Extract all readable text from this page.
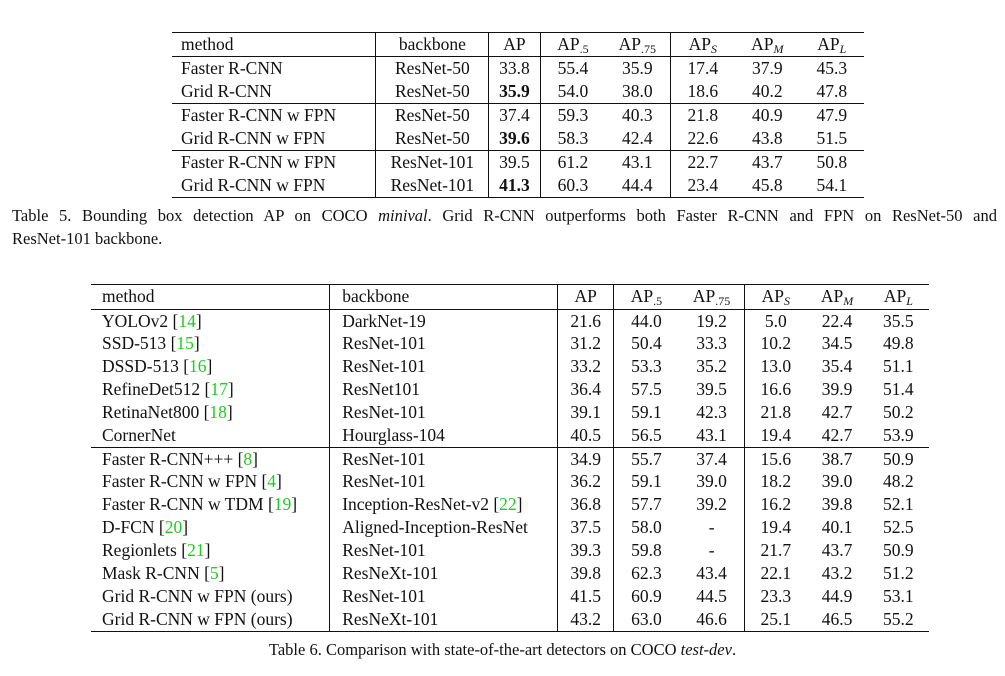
method	backbone	AP	$AP_{.5}$	$AP_{.75}$	$AP_S$	$AP_M$	$AP_L$
Faster R-CNN	ResNet-50	33.8	55.4	35.9	17.4	37.9	45.3
Grid R-CNN	ResNet-50	35.9	54.0	38.0	18.6	40.2	47.8
Faster R-CNN w FPN	ResNet-50	37.4	59.3	40.3	21.8	40.9	47.9
Grid R-CNN w FPN	ResNet-50	39.6	58.3	42.4	22.6	43.8	51.5
Faster R-CNN w FPN	ResNet-101	39.5	61.2	43.1	22.7	43.7	50.8
Grid R-CNN w FPN	ResNet-101	41.3	60.3	44.4	23.4	45.8	54.1
Table 5. Bounding box detection AP on COCO minival. Grid R-CNN outperforms both Faster R-CNN and FPN on ResNet-50 and
ResNet-101 backbone.
method	backbone	AP	$AP_{.5}$	$AP_{.75}$	$AP_S$	$AP_M$	$AP_L$
YOLOv2 [14]	DarkNet-19	21.6	44.0	19.2	5.0	22.4	35.5
SSD-513 [15]	ResNet-101	31.2	50.4	33.3	10.2	34.5	49.8
DSSD-513 [16]	ResNet-101	33.2	53.3	35.2	13.0	35.4	51.1
RefineDet512 [17]	ResNet101	36.4	57.5	39.5	16.6	39.9	51.4
RetinaNet800 [18]	ResNet-101	39.1	59.1	42.3	21.8	42.7	50.2
CornerNet	Hourglass-104	40.5	56.5	43.1	19.4	42.7	53.9
Faster R-CNN+++ [8]	ResNet-101	34.9	55.7	37.4	15.6	38.7	50.9
Faster R-CNN w FPN [4]	ResNet-101	36.2	59.1	39.0	18.2	39.0	48.2
Faster R-CNN w TDM [19]	Inception-ResNet-v2 [22]	36.8	57.7	39.2	16.2	39.8	52.1
D-FCN [20]	Aligned-Inception-ResNet	37.5	58.0	-	19.4	40.1	52.5
Regionlets [21]	ResNet-101	39.3	59.8	-	21.7	43.7	50.9
Mask R-CNN [5]	ResNeXt-101	39.8	62.3	43.4	22.1	43.2	51.2
Grid R-CNN w FPN (ours)	ResNet-101	41.5	60.9	44.5	23.3	44.9	53.1
Grid R-CNN w FPN (ours)	ResNeXt-101	43.2	63.0	46.6	25.1	46.5	55.2
Table 6. Comparison with state-of-the-art detectors on COCO test-dev.
